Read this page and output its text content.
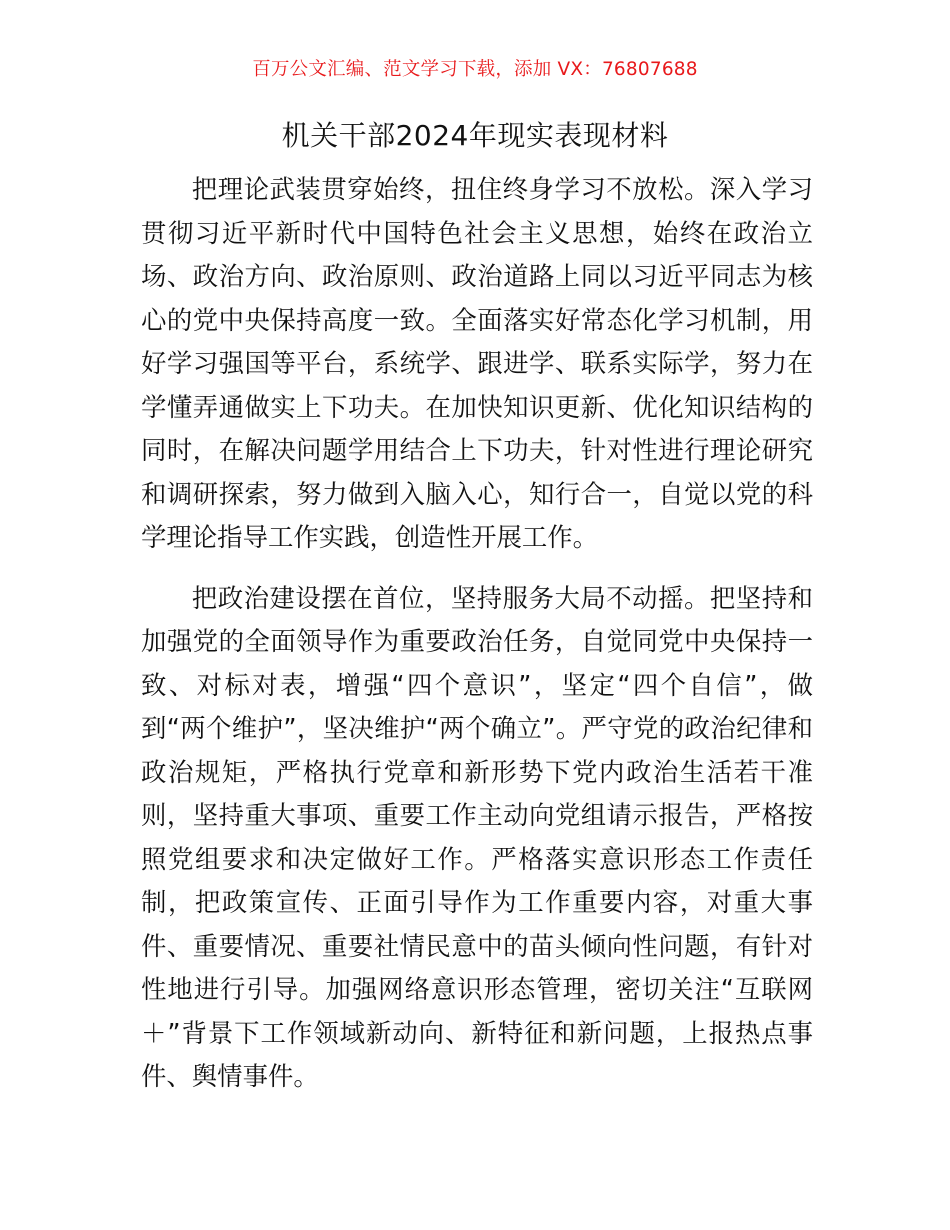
百万公文汇编、范文学习下载，添加 VX：76807688
机关干部2024年现实表现材料

把理论武装贯穿始终，扭住终身学习不放松。深入学习贯彻习近平新时代中国特色社会主义思想，始终在政治立场、政治方向、政治原则、政治道路上同以习近平同志为核心的党中央保持高度一致。全面落实好常态化学习机制，用好学习强国等平台，系统学、跟进学、联系实际学，努力在学懂弄通做实上下功夫。在加快知识更新、优化知识结构的同时，在解决问题学用结合上下功夫，针对性进行理论研究和调研探索，努力做到入脑入心，知行合一，自觉以党的科学理论指导工作实践，创造性开展工作。

把政治建设摆在首位，坚持服务大局不动摇。把坚持和加强党的全面领导作为重要政治任务，自觉同党中央保持一致、对标对表，增强“四个意识”，坚定“四个自信”，做到“两个维护”，坚决维护“两个确立”。严守党的政治纪律和政治规矩，严格执行党章和新形势下党内政治生活若干准则，坚持重大事项、重要工作主动向党组请示报告，严格按照党组要求和决定做好工作。严格落实意识形态工作责任制，把政策宣传、正面引导作为工作重要内容，对重大事件、重要情况、重要社情民意中的苗头倾向性问题，有针对性地进行引导。加强网络意识形态管理，密切关注“互联网＋”背景下工作领域新动向、新特征和新问题，上报热点事件、舆情事件。
